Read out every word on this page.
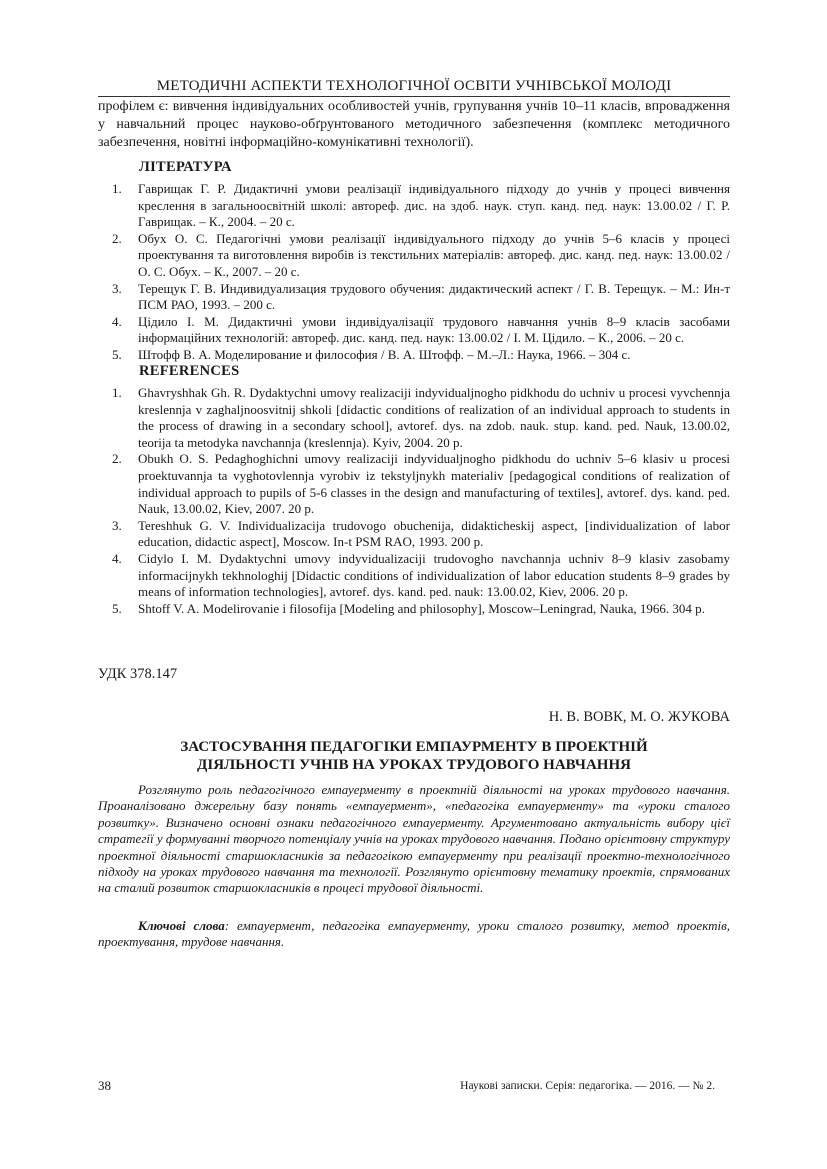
МЕТОДИЧНІ АСПЕКТИ ТЕХНОЛОГІЧНОЇ ОСВІТИ УЧНІВСЬКОЇ МОЛОДІ

профілем є: вивчення індивідуальних особливостей учнів, групування учнів 10–11 класів, впровадження у навчальний процес науково-обґрунтованого методичного забезпечення (комплекс методичного забезпечення, новітні інформаційно-комунікативні технології).

ЛІТЕРАТУРА
1. Гаврищак Г. Р. Дидактичні умови реалізації індивідуального підходу до учнів у процесі вивчення креслення в загальноосвітній школі: автореф. дис. на здоб. наук. ступ. канд. пед. наук: 13.00.02 / Г. Р. Гаврищак. – К., 2004. – 20 с.
2. Обух О. С. Педагогічні умови реалізації індивідуального підходу до учнів 5–6 класів у процесі проектування та виготовлення виробів із текстильних матеріалів: автореф. дис. канд. пед. наук: 13.00.02 / О. С. Обух. – К., 2007. – 20 с.
3. Терещук Г. В. Индивидуализация трудового обучения: дидактический аспект / Г. В. Терещук. – М.: Ин-т ПСМ РАО, 1993. – 200 с.
4. Цідило І. М. Дидактичні умови індивідуалізації трудового навчання учнів 8–9 класів засобами інформаційних технологій: автореф. дис. канд. пед. наук: 13.00.02 / І. М. Цідило. – К., 2006. – 20 с.
5. Штофф В. А. Моделирование и философия / В. А. Штофф. – М.–Л.: Наука, 1966. – 304 с.
REFERENCES
1. Ghavryshhak Gh. R. Dydaktychni umovy realizaciji indyvidualjnogho pidkhodu do uchniv u procesi vyvchennja kreslennja v zaghaljnoosvitnij shkoli [didactic conditions of realization of an individual approach to students in the process of drawing in a secondary school], avtoref. dys. na zdob. nauk. stup. kand. ped. Nauk, 13.00.02, teorija ta metodyka navchannja (kreslennja). Kyiv, 2004. 20 p.
2. Obukh O. S. Pedaghoghichni umovy realizaciji indyvidualjnogho pidkhodu do uchniv 5–6 klasiv u procesi proektuvannja ta vyghotovlennja vyrobiv iz tekstyljnykh materialiv [pedagogical conditions of realization of individual approach to pupils of 5-6 classes in the design and manufacturing of textiles], avtoref. dys. kand. ped. Nauk, 13.00.02, Kiev, 2007. 20 p.
3. Tereshhuk G. V. Individualizacija trudovogo obuchenija, didakticheskij aspect, [individualization of labor education, didactic aspect], Moscow. In-t PSM RAO, 1993. 200 p.
4. Cidylo I. M. Dydaktychni umovy indyvidualizaciji trudovogho navchannja uchniv 8–9 klasiv zasobamy informacijnykh tekhnologhij [Didactic conditions of individualization of labor education students 8–9 grades by means of information technologies], avtoref. dys. kand. ped. nauk: 13.00.02, Kiev, 2006. 20 p.
5. Shtoff V. A. Modelirovanie i filosofija [Modeling and philosophy], Moscow–Leningrad, Nauka, 1966. 304 p.

УДК 378.147

Н. В. ВОВК, М. О. ЖУКОВА

ЗАСТОСУВАННЯ ПЕДАГОГІКИ ЕМПАУРМЕНТУ В ПРОЕКТНІЙ
ДІЯЛЬНОСТІ УЧНІВ НА УРОКАХ ТРУДОВОГО НАВЧАННЯ

Розглянуто роль педагогічного емпауерменту в проектній діяльності на уроках трудового навчання. Проаналізовано джерельну базу понять «емпауермент», «педагогіка емпауерменту» та «уроки сталого розвитку». Визначено основні ознаки педагогічного емпауерменту. Аргументовано актуальність вибору цієї стратегії у формуванні творчого потенціалу учнів на уроках трудового навчання. Подано орієнтовну структуру проектної діяльності старшокласників за педагогікою емпауерменту при реалізації проектно-технологічного підходу на уроках трудового навчання та технології. Розглянуто орієнтовну тематику проектів, спрямованих на сталий розвиток старшокласників в процесі трудової діяльності.

Ключові слова: емпауермент, педагогіка емпауерменту, уроки сталого розвитку, метод проектів, проектування, трудове навчання.

38	Наукові записки. Серія: педагогіка. — 2016. — № 2.
